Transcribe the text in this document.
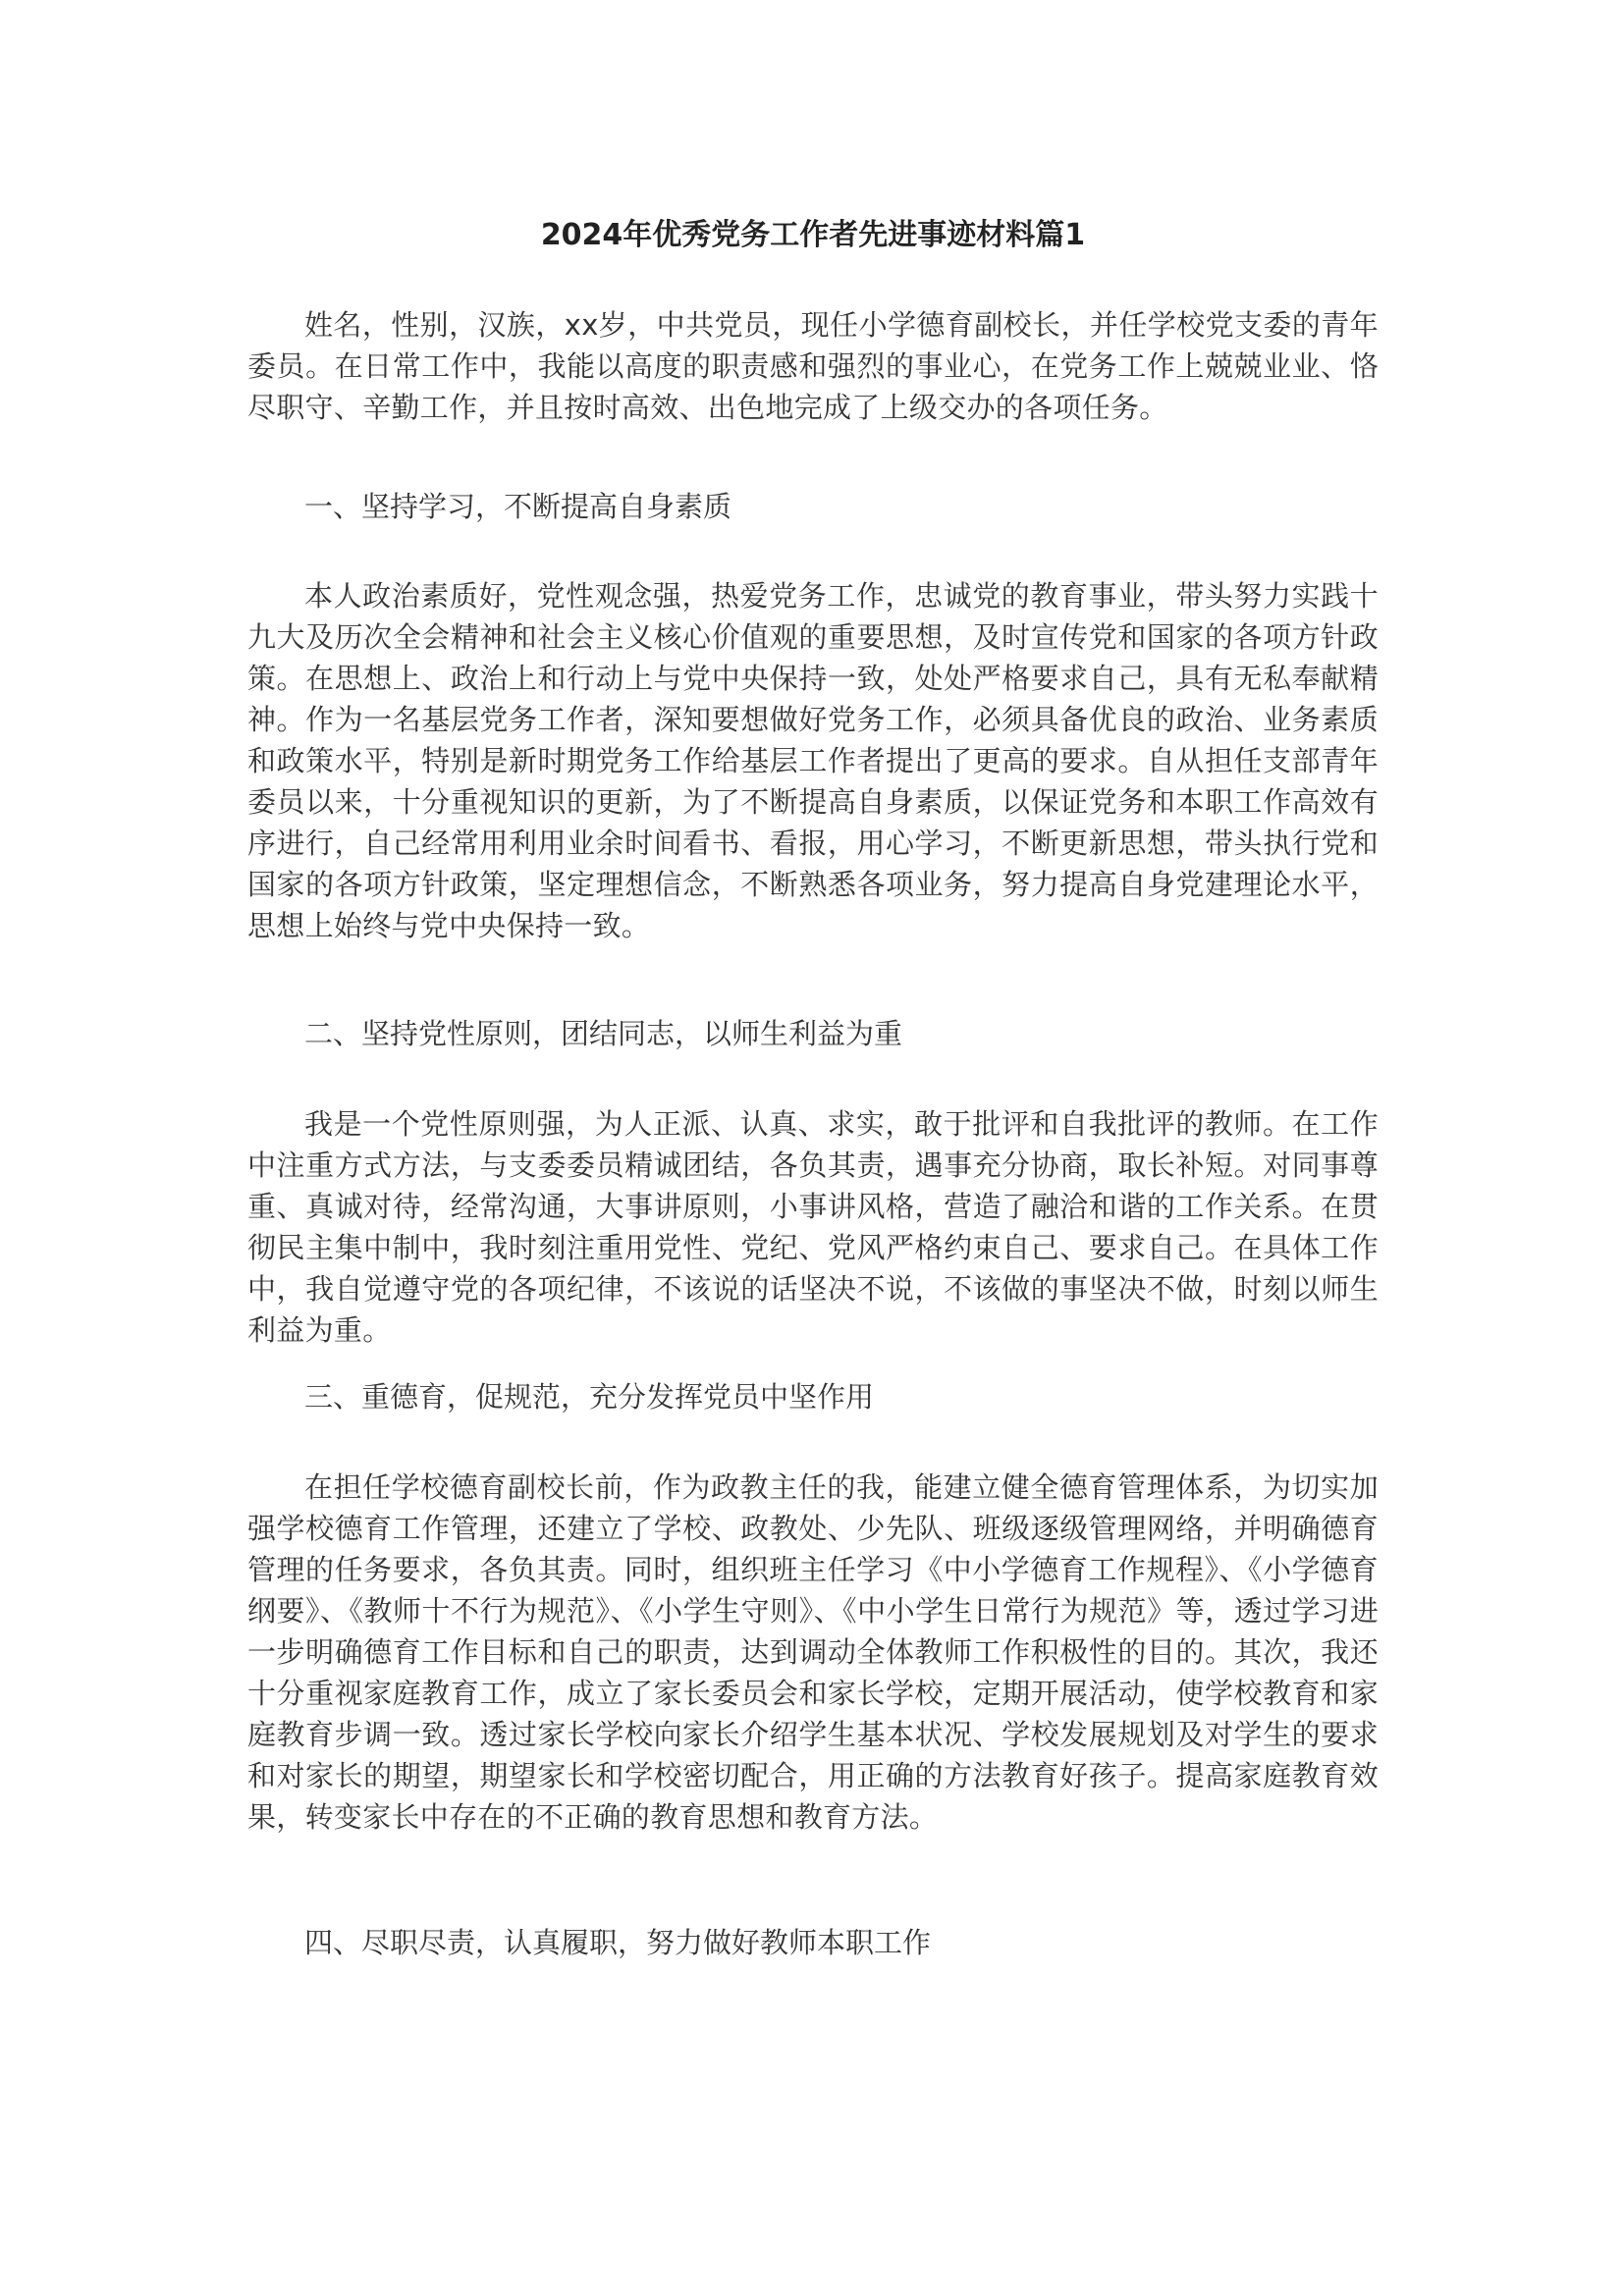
2024年优秀党务工作者先进事迹材料篇1

姓名，性别，汉族，xx岁，中共党员，现任小学德育副校长，并任学校党支委的青年委员。在日常工作中，我能以高度的职责感和强烈的事业心，在党务工作上兢兢业业、恪尽职守、辛勤工作，并且按时高效、出色地完成了上级交办的各项任务。

一、坚持学习，不断提高自身素质

本人政治素质好，党性观念强，热爱党务工作，忠诚党的教育事业，带头努力实践十九大及历次全会精神和社会主义核心价值观的重要思想，及时宣传党和国家的各项方针政策。在思想上、政治上和行动上与党中央保持一致，处处严格要求自己，具有无私奉献精神。作为一名基层党务工作者，深知要想做好党务工作，必须具备优良的政治、业务素质和政策水平，特别是新时期党务工作给基层工作者提出了更高的要求。自从担任支部青年委员以来，十分重视知识的更新，为了不断提高自身素质，以保证党务和本职工作高效有序进行，自己经常用利用业余时间看书、看报，用心学习，不断更新思想，带头执行党和国家的各项方针政策，坚定理想信念，不断熟悉各项业务，努力提高自身党建理论水平，思想上始终与党中央保持一致。

二、坚持党性原则，团结同志，以师生利益为重

我是一个党性原则强，为人正派、认真、求实，敢于批评和自我批评的教师。在工作中注重方式方法，与支委委员精诚团结，各负其责，遇事充分协商，取长补短。对同事尊重、真诚对待，经常沟通，大事讲原则，小事讲风格，营造了融洽和谐的工作关系。在贯彻民主集中制中，我时刻注重用党性、党纪、党风严格约束自己、要求自己。在具体工作中，我自觉遵守党的各项纪律，不该说的话坚决不说，不该做的事坚决不做，时刻以师生利益为重。

三、重德育，促规范，充分发挥党员中坚作用

在担任学校德育副校长前，作为政教主任的我，能建立健全德育管理体系，为切实加强学校德育工作管理，还建立了学校、政教处、少先队、班级逐级管理网络，并明确德育管理的任务要求，各负其责。同时，组织班主任学习《中小学德育工作规程》、《小学德育纲要》、《教师十不行为规范》、《小学生守则》、《中小学生日常行为规范》等，透过学习进一步明确德育工作目标和自己的职责，达到调动全体教师工作积极性的目的。其次，我还十分重视家庭教育工作，成立了家长委员会和家长学校，定期开展活动，使学校教育和家庭教育步调一致。透过家长学校向家长介绍学生基本状况、学校发展规划及对学生的要求和对家长的期望，期望家长和学校密切配合，用正确的方法教育好孩子。提高家庭教育效果，转变家长中存在的不正确的教育思想和教育方法。

四、尽职尽责，认真履职，努力做好教师本职工作
